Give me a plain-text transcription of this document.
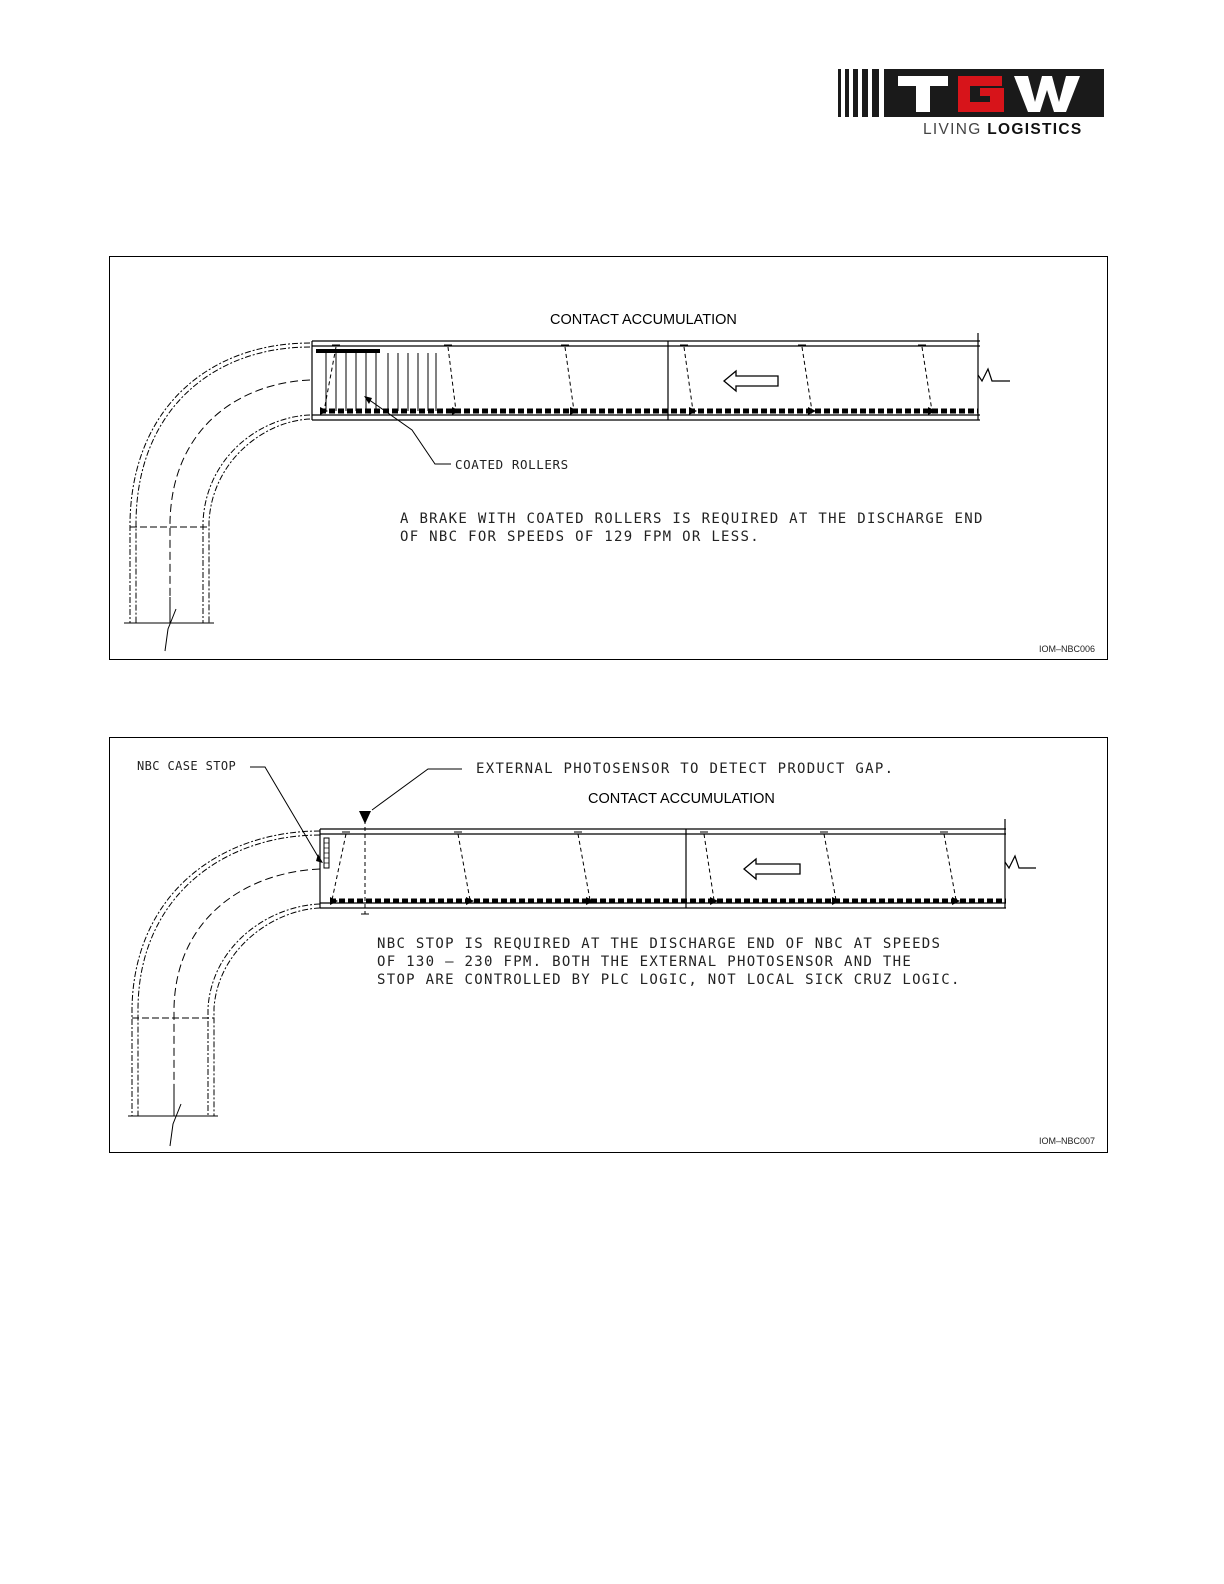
LIVING LOGISTICS
CONTACT ACCUMULATION
COATED ROLLERS
A BRAKE WITH COATED ROLLERS IS REQUIRED AT THE DISCHARGE END
OF NBC FOR SPEEDS OF 129 FPM OR LESS.
IOM–NBC006
NBC CASE STOP	EXTERNAL PHOTOSENSOR TO DETECT PRODUCT GAP.
CONTACT ACCUMULATION
NBC STOP IS REQUIRED AT THE DISCHARGE END OF NBC AT SPEEDS
OF 130 – 230 FPM. BOTH THE EXTERNAL PHOTOSENSOR AND THE
STOP ARE CONTROLLED BY PLC LOGIC, NOT LOCAL SICK CRUZ LOGIC.
IOM–NBC007
